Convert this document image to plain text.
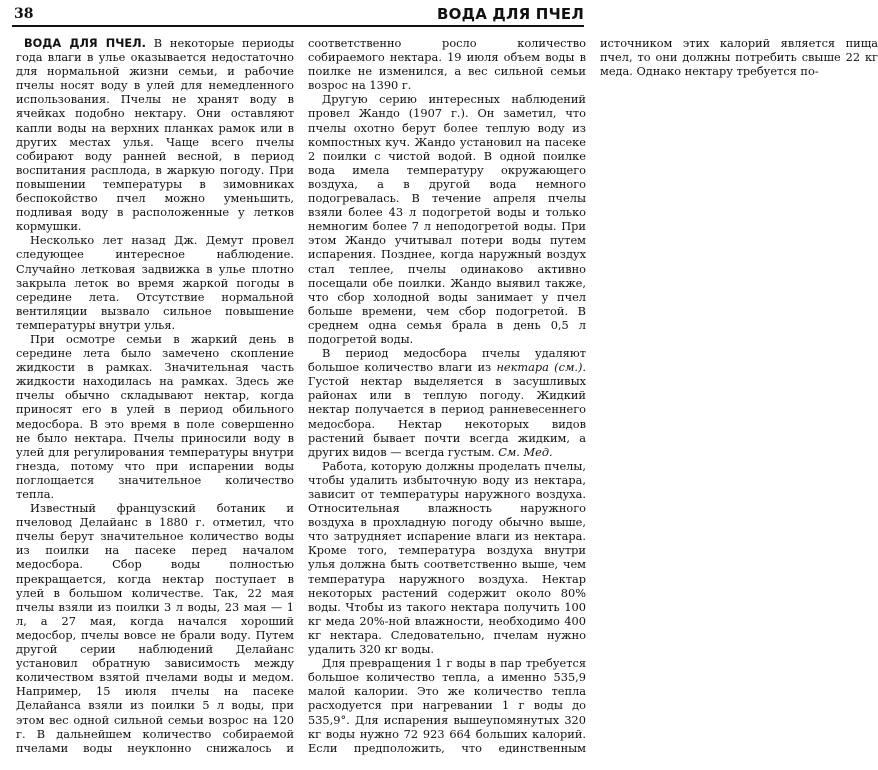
38	ВОДА ДЛЯ ПЧЕЛ

ВОДА ДЛЯ ПЧЕЛ. В некоторые периоды года влаги в улье оказывается недостаточно для нормальной жизни семьи, и рабочие пчелы носят воду в улей для немедленного использования. Пчелы не хранят воду в ячейках подобно нектару. Они оставляют капли воды на верхних планках рамок или в других местах улья. Чаще всего пчелы собирают воду ранней весной, в период воспитания расплода, в жаркую погоду. При повышении температуры в зимовниках беспокойство пчел можно уменьшить, подливая воду в расположенные у летков кормушки.

Несколько лет назад Дж. Демут провел следующее интересное наблюдение. Случайно летковая задвижка в улье плотно закрыла леток во время жаркой погоды в середине лета. Отсутствие нормальной вентиляции вызвало сильное повышение температуры внутри улья.

При осмотре семьи в жаркий день в середине лета было замечено скопление жидкости в рамках. Значительная часть жидкости находилась на рамках. Здесь же пчелы обычно складывают нектар, когда приносят его в улей в период обильного медосбора. В это время в поле совершенно не было нектара. Пчелы приносили воду в улей для регулирования температуры внутри гнезда, потому что при испарении воды поглощается значительное количество тепла.

Известный французский ботаник и пчеловод Делайанс в 1880 г. отметил, что пчелы берут значительное количество воды из поилки на пасеке перед началом медосбора. Сбор воды полностью прекращается, когда нектар поступает в улей в большом количестве. Так, 22 мая пчелы взяли из поилки 3 л воды, 23 мая — 1 л, а 27 мая, когда начался хороший медосбор, пчелы вовсе не брали воду. Путем другой серии наблюдений Делайанс установил обратную зависимость между количеством взятой пчелами воды и медом. Например, 15 июля пчелы на пасеке Делайанса взяли из поилки 5 л воды, при этом вес одной сильной семьи возрос на 120 г. В дальнейшем количество собираемой пчелами воды неуклонно снижалось и соответственно росло количество собираемого нектара. 19 июля объем воды в поилке не изменился, а вес сильной семьи возрос на 1390 г.

Другую серию интересных наблюдений провел Жандо (1907 г.). Он заметил, что пчелы охотно берут более теплую воду из компостных куч. Жандо установил на пасеке 2 поилки с чистой водой. В одной поилке вода имела температуру окружающего воздуха, а в другой вода немного подогревалась. В течение апреля пчелы взяли более 43 л подогретой воды и только немногим более 7 л неподогретой воды. При этом Жандо учитывал потери воды путем испарения. Позднее, когда наружный воздух стал теплее, пчелы одинаково активно посещали обе поилки. Жандо выявил также, что сбор холодной воды занимает у пчел больше времени, чем сбор подогретой. В среднем одна семья брала в день 0,5 л подогретой воды.

В период медосбора пчелы удаляют большое количество влаги из нектара (см.). Густой нектар выделяется в засушливых районах или в теплую погоду. Жидкий нектар получается в период ранневесеннего медосбора. Нектар некоторых видов растений бывает почти всегда жидким, а других видов — всегда густым. См. Мед.

Работа, которую должны проделать пчелы, чтобы удалить избыточную воду из нектара, зависит от температуры наружного воздуха. Относительная влажность наружного воздуха в прохладную погоду обычно выше, что затрудняет испарение влаги из нектара. Кроме того, температура воздуха внутри улья должна быть соответственно выше, чем температура наружного воздуха. Нектар некоторых растений содержит около 80% воды. Чтобы из такого нектара получить 100 кг меда 20%-ной влажности, необходимо 400 кг нектара. Следовательно, пчелам нужно удалить 320 кг воды.

Для превращения 1 г воды в пар требуется большое количество тепла, а именно 535,9 малой калории. Это же количество тепла расходуется при нагревании 1 г воды до 535,9°. Для испарения вышеупомянутых 320 кг воды нужно 72 923 664 больших калорий. Если предположить, что единственным источником этих калорий является пища пчел, то они должны потребить свыше 22 кг меда. Однако нектару требуется по-
